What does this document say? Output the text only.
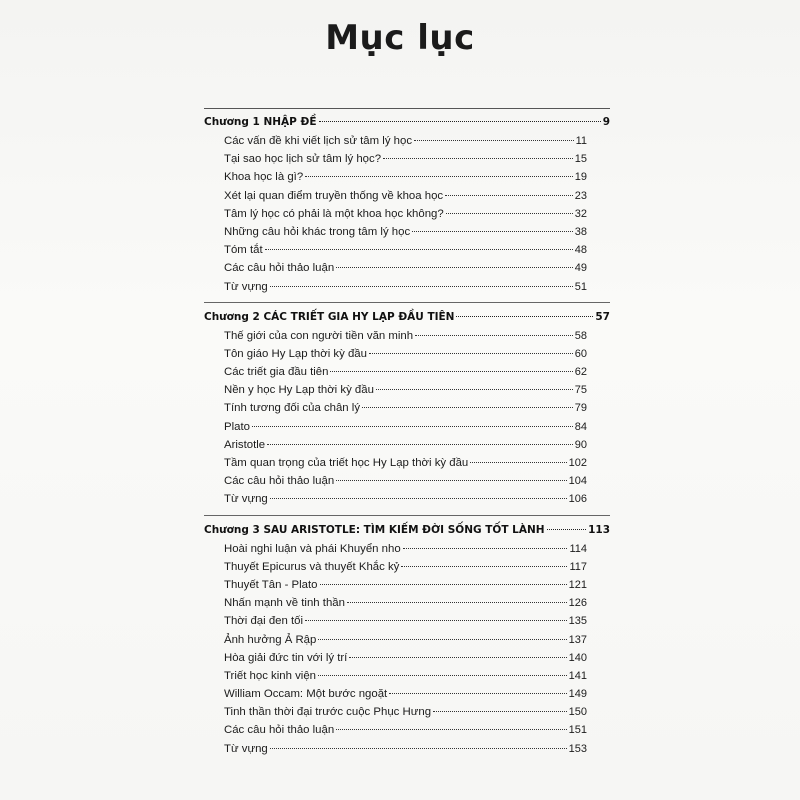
Mục lục
Chương 1 NHẬP ĐỀ	9
Các vấn đề khi viết lịch sử tâm lý học	11
Tại sao học lịch sử tâm lý học?	15
Khoa học là gì?	19
Xét lại quan điểm truyền thống về khoa học	23
Tâm lý học có phải là một khoa học không?	32
Những câu hỏi khác trong tâm lý học	38
Tóm tắt	48
Các câu hỏi thảo luận	49
Từ vựng	51
Chương 2 CÁC TRIẾT GIA HY LẠP ĐẦU TIÊN	57
Thế giới của con người tiền văn minh	58
Tôn giáo Hy Lạp thời kỳ đầu	60
Các triết gia đầu tiên	62
Nền y học Hy Lạp thời kỳ đầu	75
Tính tương đối của chân lý	79
Plato	84
Aristotle	90
Tầm quan trọng của triết học Hy Lạp thời kỳ đầu	102
Các câu hỏi thảo luận	104
Từ vựng	106
Chương 3 SAU ARISTOTLE: TÌM KIẾM ĐỜI SỐNG TỐT LÀNH	113
Hoài nghi luận và phái Khuyển nho	114
Thuyết Epicurus và thuyết Khắc kỷ	117
Thuyết Tân - Plato	121
Nhấn mạnh về tinh thần	126
Thời đại đen tối	135
Ảnh hưởng Ả Rập	137
Hòa giải đức tin với lý trí	140
Triết học kinh viện	141
William Occam: Một bước ngoặt	149
Tinh thần thời đại trước cuộc Phục Hưng	150
Các câu hỏi thảo luận	151
Từ vựng	153
